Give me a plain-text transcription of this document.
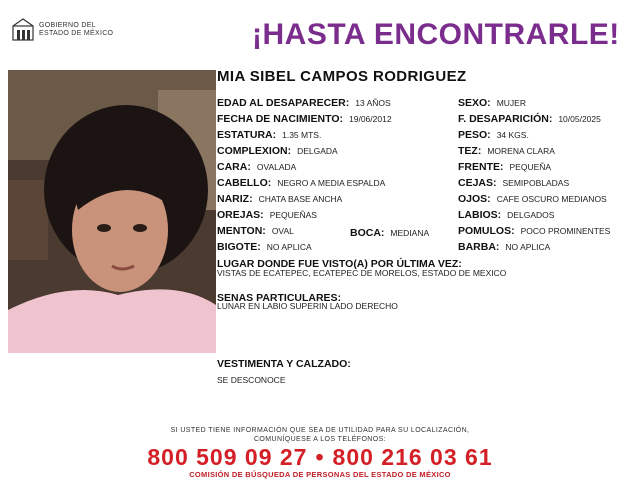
GOBIERNO DEL
ESTADO DE MÉXICO	¡HASTA ENCONTRARLE!
MIA SIBEL CAMPOS RODRIGUEZ
EDAD AL DESAPARECER: 13 AÑOS
FECHA DE NACIMIENTO: 19/06/2012
ESTATURA: 1.35 MTS.
COMPLEXION: DELGADA
CARA: OVALADA
CABELLO: NEGRO A MEDIA ESPALDA
NARIZ: CHATA BASE ANCHA
OREJAS: PEQUEÑAS
MENTON: OVAL	BOCA: MEDIANA
BIGOTE: NO APLICA
SEXO: MUJER
F. DESAPARICIÓN: 10/05/2025
PESO: 34 KGS.
TEZ: MORENA CLARA
FRENTE: PEQUEÑA
CEJAS: SEMIPOBLADAS
OJOS: CAFE OSCURO MEDIANOS
LABIOS: DELGADOS
POMULOS: POCO PROMINENTES
BARBA: NO APLICA
LUGAR DONDE FUE VISTO(A) POR ÚLTIMA VEZ:
VISTAS DE ECATEPEC, ECATEPEC DE MORELOS, ESTADO DE MEXICO
SENAS PARTICULARES:
LUNAR EN LABIO SUPERIN LADO DERECHO
VESTIMENTA Y CALZADO:
SE DESCONOCE
SI USTED TIENE INFORMACIÓN QUE SEA DE UTILIDAD PARA SU LOCALIZACIÓN,
COMUNÍQUESE A LOS TELÉFONOS:
800 509 09 27 • 800 216 03 61
COMISIÓN DE BÚSQUEDA DE PERSONAS DEL ESTADO DE MÉXICO
